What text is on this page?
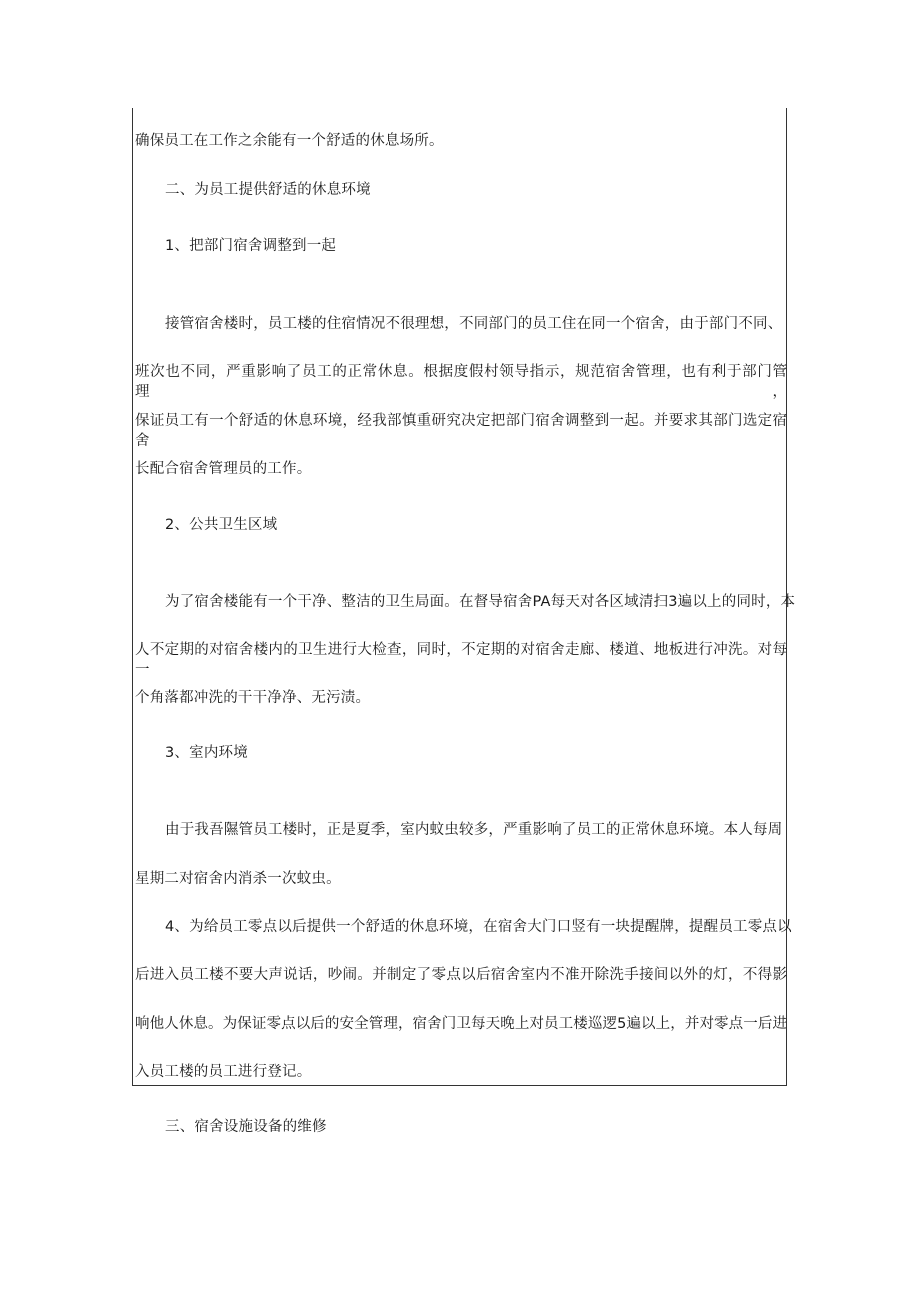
确保员工在工作之余能有一个舒适的休息场所。
二、为员工提供舒适的休息环境
1、把部门宿舍调整到一起
接管宿舍楼时，员工楼的住宿情况不很理想，不同部门的员工住在同一个宿舍，由于部门不同、
班次也不同，严重影响了员工的正常休息。根据度假村领导指示，规范宿舍管理，也有利于部门管理，
保证员工有一个舒适的休息环境，经我部慎重研究决定把部门宿舍调整到一起。并要求其部门选定宿舍
长配合宿舍管理员的工作。
2、公共卫生区域
为了宿舍楼能有一个干净、整洁的卫生局面。在督导宿舍PA每天对各区域清扫3遍以上的同时，本
人不定期的对宿舍楼内的卫生进行大检查，同时，不定期的对宿舍走廊、楼道、地板进行冲洗。对每一
个角落都冲洗的干干净净、无污渍。
3、室内环境
由于我吾隰管员工楼时，正是夏季，室内蚊虫较多，严重影响了员工的正常休息环境。本人每周
星期二对宿舍内消杀一次蚊虫。
4、为给员工零点以后提供一个舒适的休息环境，在宿舍大门口竖有一块提醒牌，提醒员工零点以
后进入员工楼不要大声说话，吵闹。并制定了零点以后宿舍室内不准开除洗手接间以外的灯，不得影
响他人休息。为保证零点以后的安全管理，宿舍门卫每天晚上对员工楼巡逻5遍以上，并对零点一后进
入员工楼的员工进行登记。
三、宿舍设施设备的维修
